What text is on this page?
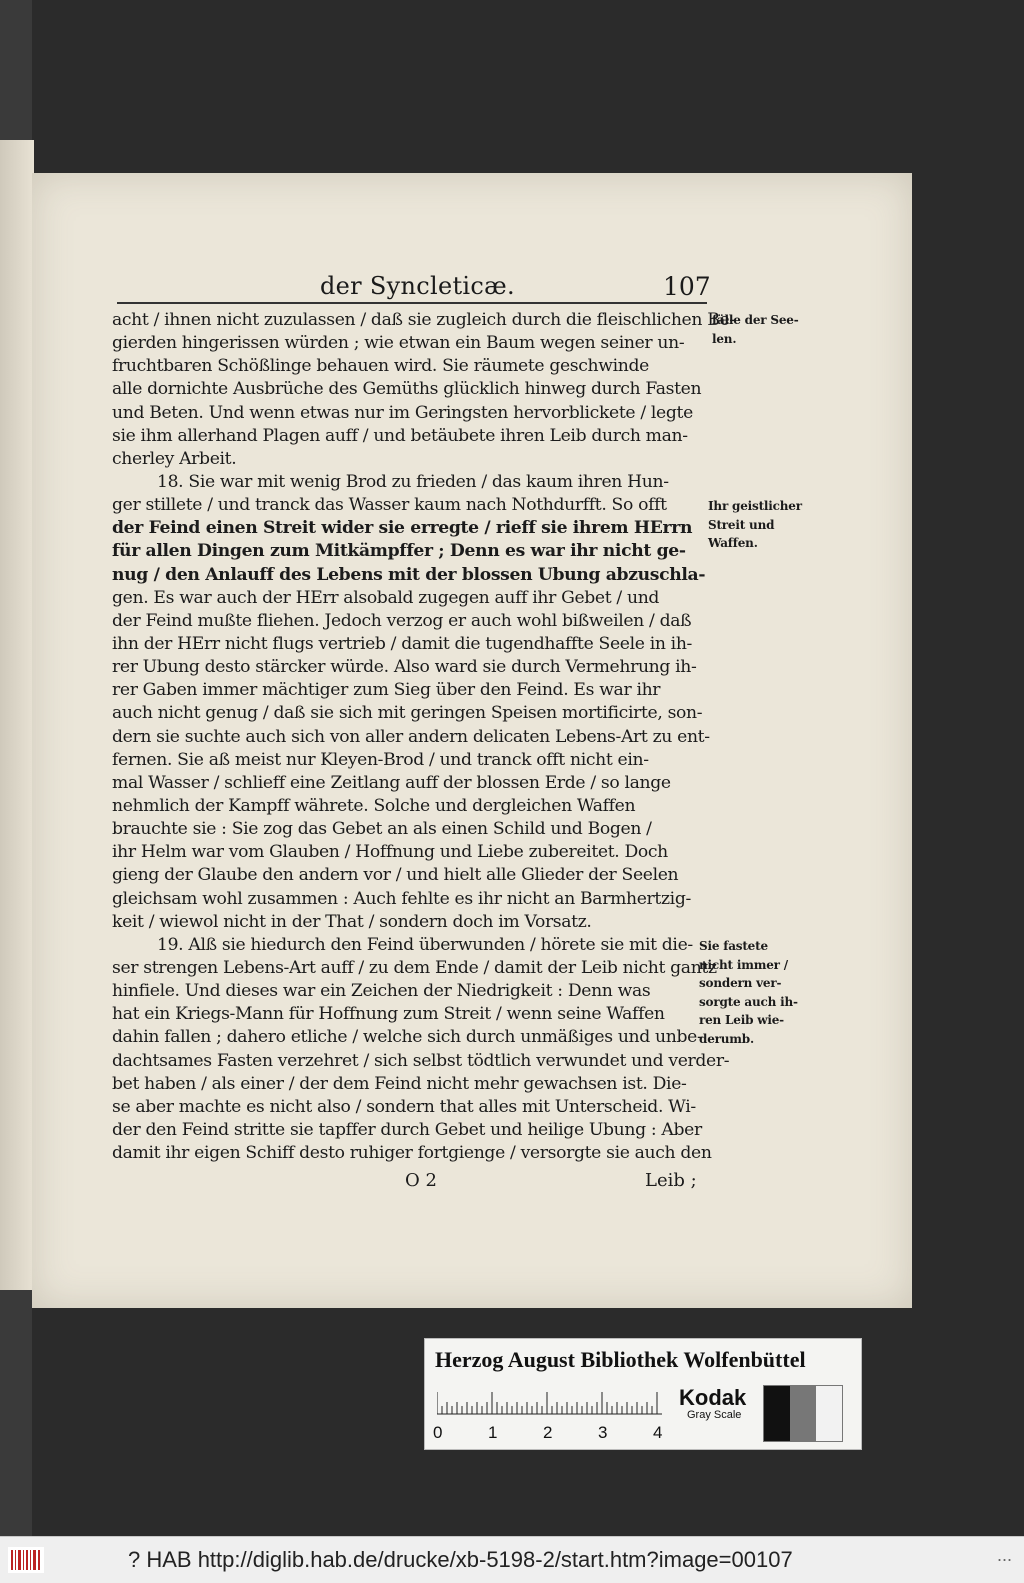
der Syncleticæ.	107
acht / ihnen nicht zuzulassen / daß sie zugleich durch die fleischlichen Be-
gierden hingerissen würden ; wie etwan ein Baum wegen seiner un-
fruchtbaren Schößlinge behauen wird. Sie räumete geschwinde
alle dornichte Ausbrüche des Gemüths glücklich hinweg durch Fasten
und Beten. Und wenn etwas nur im Geringsten hervorblickete / legte
sie ihm allerhand Plagen auff / und betäubete ihren Leib durch man-
cherley Arbeit.
18. Sie war mit wenig Brod zu frieden / das kaum ihren Hun-
ger stillete / und tranck das Wasser kaum nach Nothdurfft. So offt
der Feind einen Streit wider sie erregte / rieff sie ihrem HErrn
für allen Dingen zum Mitkämpffer ; Denn es war ihr nicht ge-
nug / den Anlauff des Lebens mit der blossen Ubung abzuschla-
gen. Es war auch der HErr alsobald zugegen auff ihr Gebet / und
der Feind mußte fliehen. Jedoch verzog er auch wohl bißweilen / daß
ihn der HErr nicht flugs vertrieb / damit die tugendhaffte Seele in ih-
rer Ubung desto stärcker würde. Also ward sie durch Vermehrung ih-
rer Gaben immer mächtiger zum Sieg über den Feind. Es war ihr
auch nicht genug / daß sie sich mit geringen Speisen mortificirte, son-
dern sie suchte auch sich von aller andern delicaten Lebens-Art zu ent-
fernen. Sie aß meist nur Kleyen-Brod / und tranck offt nicht ein-
mal Wasser / schlieff eine Zeitlang auff der blossen Erde / so lange
nehmlich der Kampff währete. Solche und dergleichen Waffen
brauchte sie : Sie zog das Gebet an als einen Schild und Bogen /
ihr Helm war vom Glauben / Hoffnung und Liebe zubereitet. Doch
gieng der Glaube den andern vor / und hielt alle Glieder der Seelen
gleichsam wohl zusammen : Auch fehlte es ihr nicht an Barmhertzig-
keit / wiewol nicht in der That / sondern doch im Vorsatz.
19. Alß sie hiedurch den Feind überwunden / hörete sie mit die-
ser strengen Lebens-Art auff / zu dem Ende / damit der Leib nicht gantz
hinfiele. Und dieses war ein Zeichen der Niedrigkeit : Denn was
hat ein Kriegs-Mann für Hoffnung zum Streit / wenn seine Waffen
dahin fallen ; dahero etliche / welche sich durch unmäßiges und unbe-
dachtsames Fasten verzehret / sich selbst tödtlich verwundet und verder-
bet haben / als einer / der dem Feind nicht mehr gewachsen ist. Die-
se aber machte es nicht also / sondern that alles mit Unterscheid. Wi-
der den Feind stritte sie tapffer durch Gebet und heilige Ubung : Aber
damit ihr eigen Schiff desto ruhiger fortgienge / versorgte sie auch den
fälle der See-
len.
Ihr geistlicher
Streit und
Waffen.
Sie fastete
nicht immer /
sondern ver-
sorgte auch ih-
ren Leib wie-
derumb.
O 2	Leib ;
Herzog August Bibliothek Wolfenbüttel
0	1	2	3	4
Kodak
Gray Scale
? HAB http://diglib.hab.de/drucke/xb-5198-2/start.htm?image=00107	...
